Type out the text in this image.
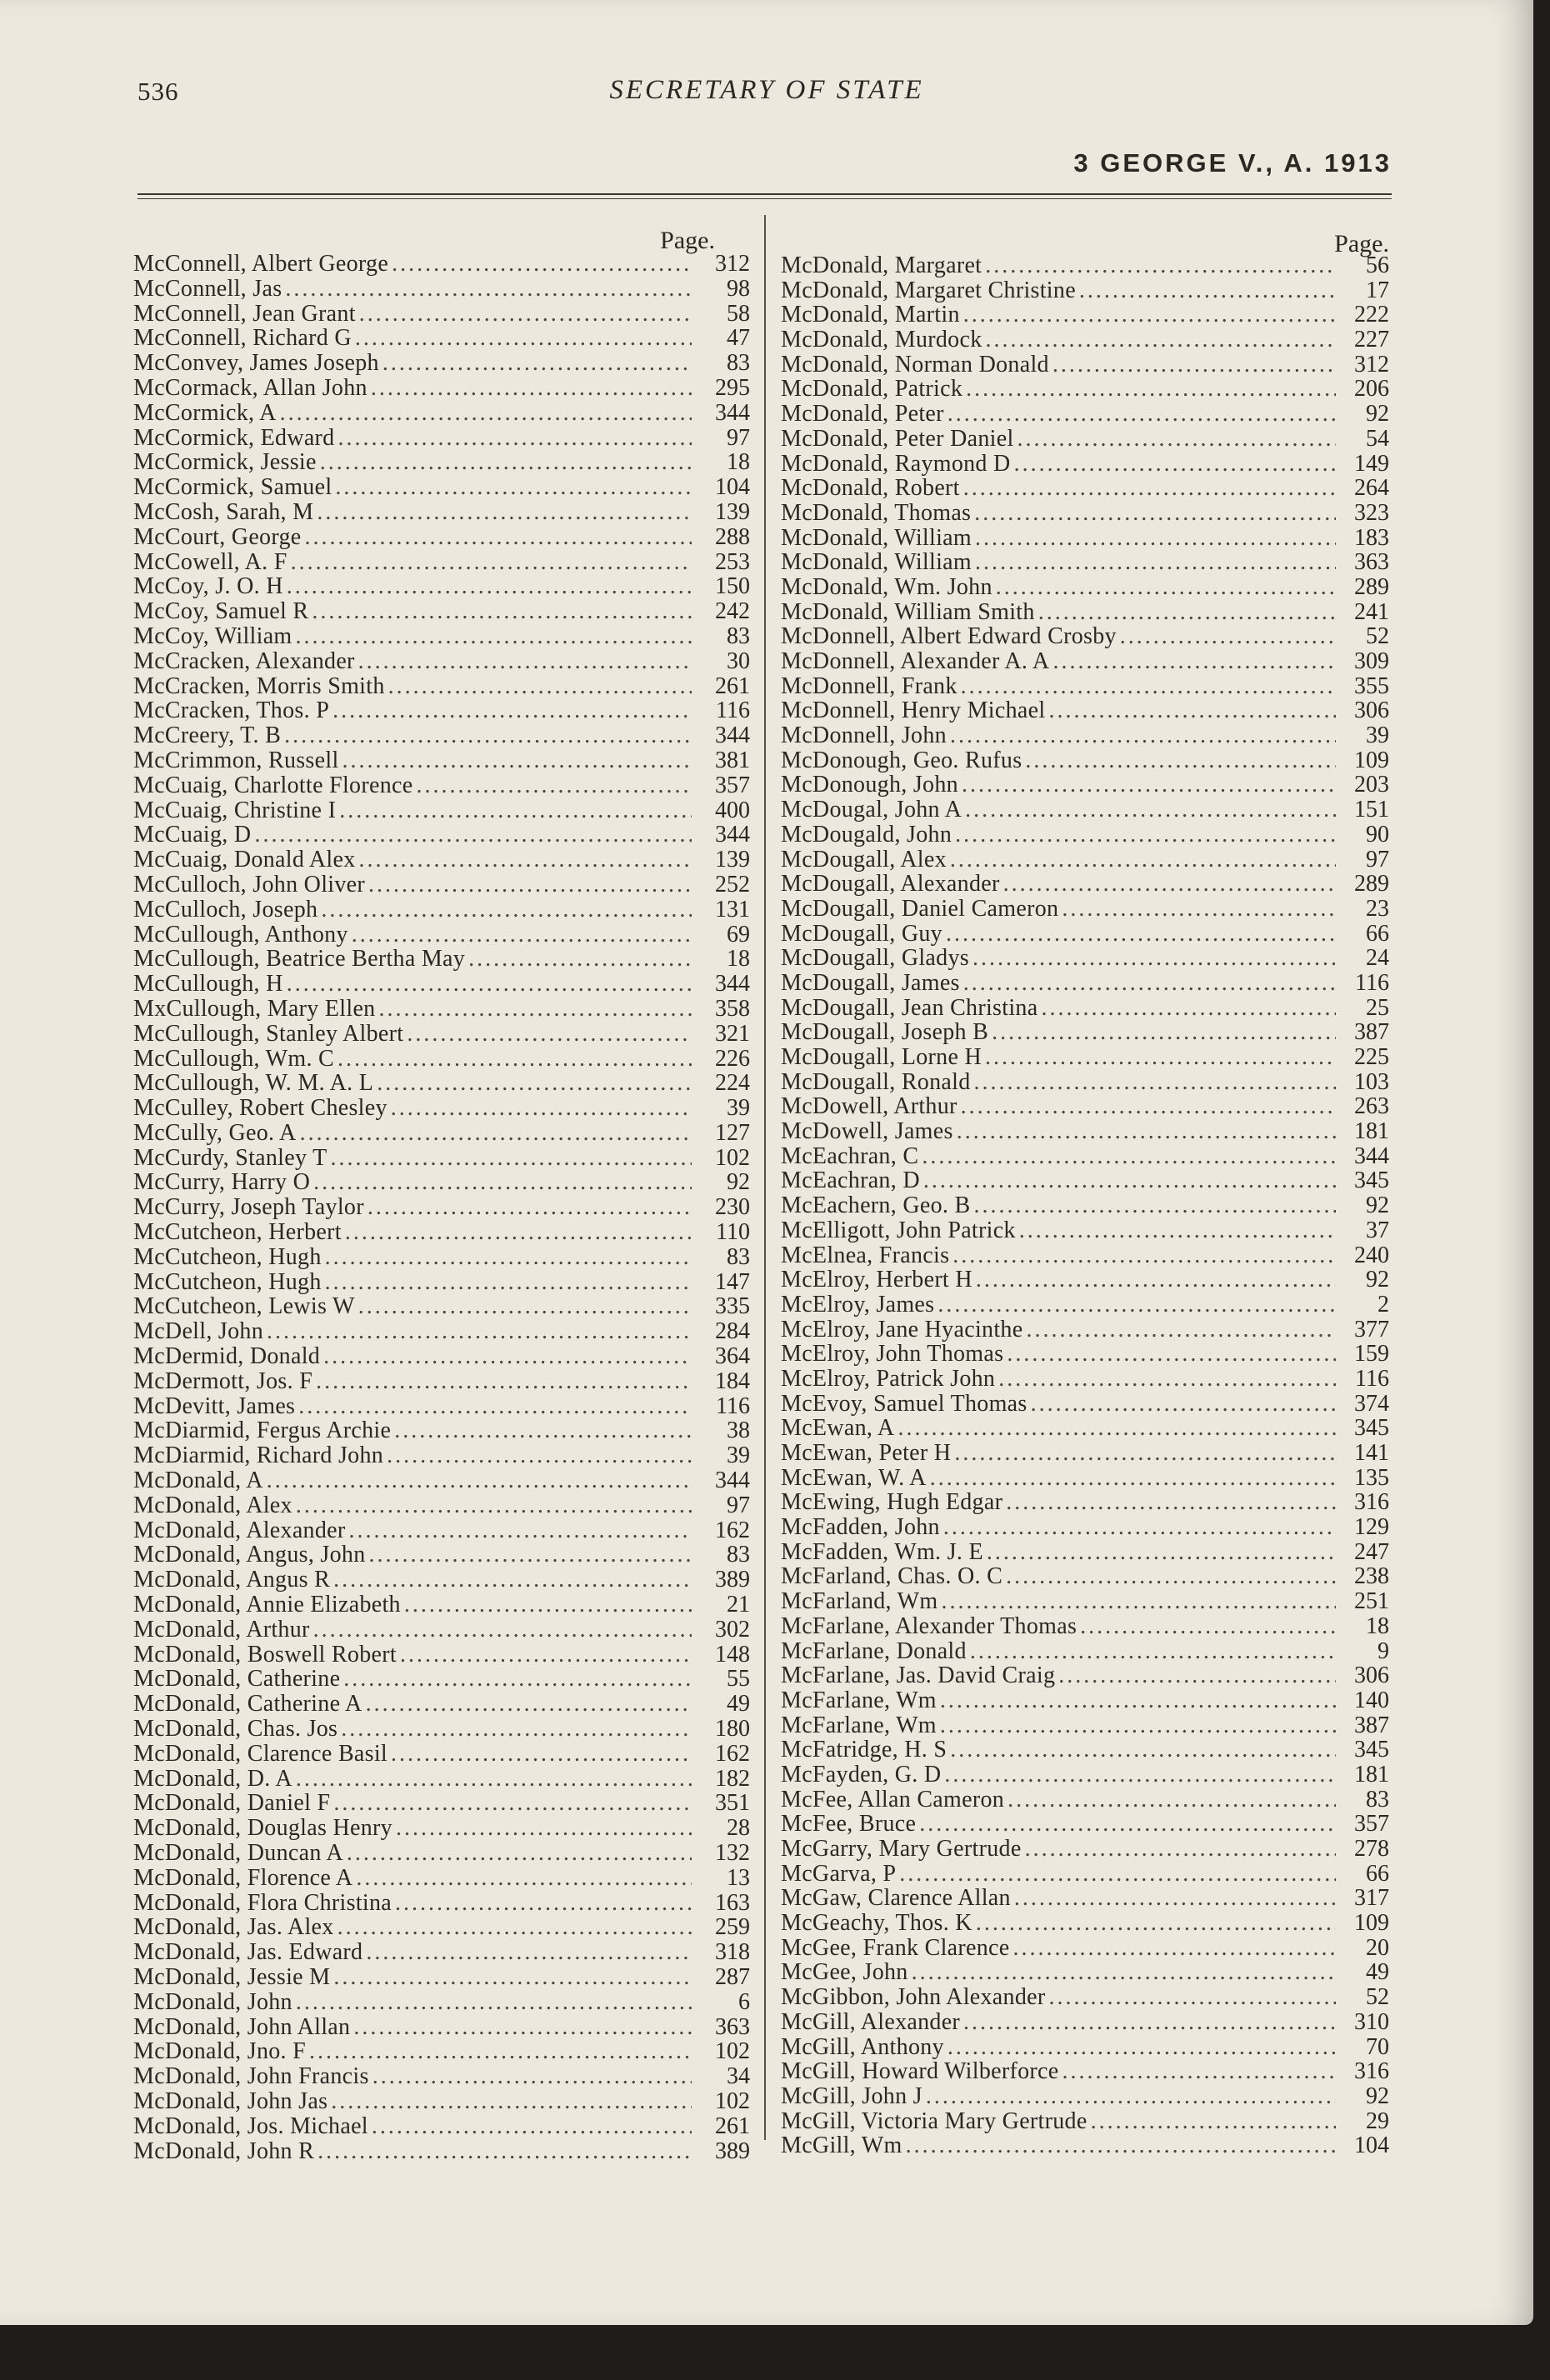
536	SECRETARY OF STATE
3 GEORGE V., A. 1913
Page.
McConnell, Albert George .....	312
McConnell, Jas .....	98
McConnell, Jean Grant .....	58
McConnell, Richard G .....	47
McConvey, James Joseph .....	83
McCormack, Allan John .....	295
McCormick, A .....	344
McCormick, Edward .....	97
McCormick, Jessie .....	18
McCormick, Samuel .....	104
McCosh, Sarah, M .....	139
McCourt, George .....	288
McCowell, A. F .....	253
McCoy, J. O. H .....	150
McCoy, Samuel R .....	242
McCoy, William .....	83
McCracken, Alexander .....	30
McCracken, Morris Smith .....	261
McCracken, Thos. P .....	116
McCreery, T. B .....	344
McCrimmon, Russell .....	381
McCuaig, Charlotte Florence .....	357
McCuaig, Christine I .....	400
McCuaig, D .....	344
McCuaig, Donald Alex .....	139
McCulloch, John Oliver .....	252
McCulloch, Joseph .....	131
McCullough, Anthony .....	69
McCullough, Beatrice Bertha May .....	18
McCullough, H .....	344
MxCullough, Mary Ellen .....	358
McCullough, Stanley Albert .....	321
McCullough, Wm. C .....	226
McCullough, W. M. A. L .....	224
McCulley, Robert Chesley .....	39
McCully, Geo. A .....	127
McCurdy, Stanley T .....	102
McCurry, Harry O .....	92
McCurry, Joseph Taylor .....	230
McCutcheon, Herbert .....	110
McCutcheon, Hugh .....	83
McCutcheon, Hugh .....	147
McCutcheon, Lewis W .....	335
McDell, John .....	284
McDermid, Donald .....	364
McDermott, Jos. F .....	184
McDevitt, James .....	116
McDiarmid, Fergus Archie .....	38
McDiarmid, Richard John .....	39
McDonald, A .....	344
McDonald, Alex .....	97
McDonald, Alexander .....	162
McDonald, Angus, John .....	83
McDonald, Angus R .....	389
McDonald, Annie Elizabeth .....	21
McDonald, Arthur .....	302
McDonald, Boswell Robert .....	148
McDonald, Catherine .....	55
McDonald, Catherine A .....	49
McDonald, Chas. Jos .....	180
McDonald, Clarence Basil .....	162
McDonald, D. A .....	182
McDonald, Daniel F .....	351
McDonald, Douglas Henry .....	28
McDonald, Duncan A .....	132
McDonald, Florence A .....	13
McDonald, Flora Christina .....	163
McDonald, Jas. Alex .....	259
McDonald, Jas. Edward .....	318
McDonald, Jessie M .....	287
McDonald, John .....	6
McDonald, John Allan .....	363
McDonald, Jno. F .....	102
McDonald, John Francis .....	34
McDonald, John Jas .....	102
McDonald, Jos. Michael .....	261
McDonald, John R .....	389
Page.
McDonald, Margaret .....	56
McDonald, Margaret Christine .....	17
McDonald, Martin .....	222
McDonald, Murdock .....	227
McDonald, Norman Donald .....	312
McDonald, Patrick .....	206
McDonald, Peter .....	92
McDonald, Peter Daniel .....	54
McDonald, Raymond D .....	149
McDonald, Robert .....	264
McDonald, Thomas .....	323
McDonald, William .....	183
McDonald, William .....	363
McDonald, Wm. John .....	289
McDonald, William Smith .....	241
McDonnell, Albert Edward Crosby .....	52
McDonnell, Alexander A. A .....	309
McDonnell, Frank .....	355
McDonnell, Henry Michael .....	306
McDonnell, John .....	39
McDonough, Geo. Rufus .....	109
McDonough, John .....	203
McDougal, John A .....	151
McDougald, John .....	90
McDougall, Alex .....	97
McDougall, Alexander .....	289
McDougall, Daniel Cameron .....	23
McDougall, Guy .....	66
McDougall, Gladys .....	24
McDougall, James .....	116
McDougall, Jean Christina .....	25
McDougall, Joseph B .....	387
McDougall, Lorne H .....	225
McDougall, Ronald .....	103
McDowell, Arthur .....	263
McDowell, James .....	181
McEachran, C .....	344
McEachran, D .....	345
McEachern, Geo. B .....	92
McElligott, John Patrick .....	37
McElnea, Francis .....	240
McElroy, Herbert H .....	92
McElroy, James .....	2
McElroy, Jane Hyacinthe .....	377
McElroy, John Thomas .....	159
McElroy, Patrick John .....	116
McEvoy, Samuel Thomas .....	374
McEwan, A .....	345
McEwan, Peter H .....	141
McEwan, W. A .....	135
McEwing, Hugh Edgar .....	316
McFadden, John .....	129
McFadden, Wm. J. E .....	247
McFarland, Chas. O. C .....	238
McFarland, Wm .....	251
McFarlane, Alexander Thomas .....	18
McFarlane, Donald .....	9
McFarlane, Jas. David Craig .....	306
McFarlane, Wm .....	140
McFarlane, Wm .....	387
McFatridge, H. S .....	345
McFayden, G. D .....	181
McFee, Allan Cameron .....	83
McFee, Bruce .....	357
McGarry, Mary Gertrude .....	278
McGarva, P .....	66
McGaw, Clarence Allan .....	317
McGeachy, Thos. K .....	109
McGee, Frank Clarence .....	20
McGee, John .....	49
McGibbon, John Alexander .....	52
McGill, Alexander .....	310
McGill, Anthony .....	70
McGill, Howard Wilberforce .....	316
McGill, John J .....	92
McGill, Victoria Mary Gertrude .....	29
McGill, Wm .....	104
